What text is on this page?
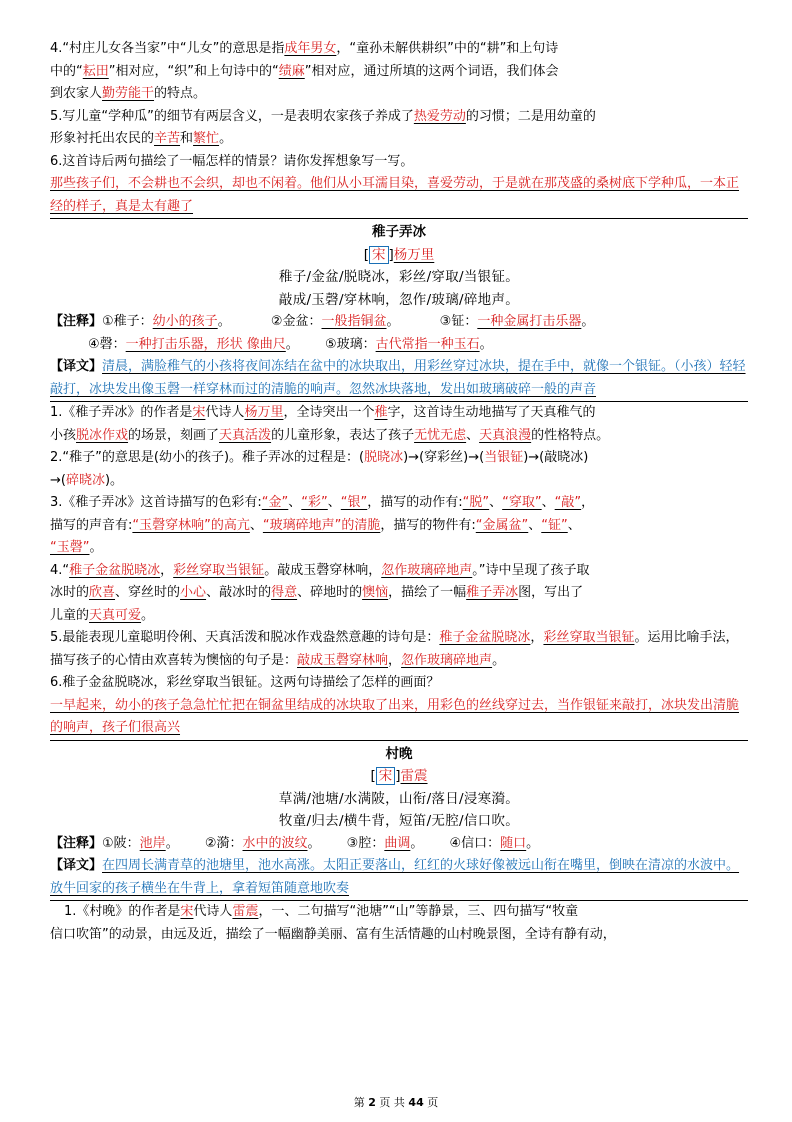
4.“村庄儿女各当家”中“儿女”的意思是指成年男女，“童孙未解供耕织”中的“耕”和上句诗
中的“耘田”相对应，“织”和上句诗中的“绩麻”相对应，通过所填的这两个词语，我们体会
到农家人勤劳能干的特点。

5.写儿童“学种瓜”的细节有两层含义，一是表明农家孩子养成了热爱劳动的习惯；二是用幼童的
形象衬托出农民的辛苦和繁忙。

6.这首诗后两句描绘了一幅怎样的情景？请你发挥想象写一写。

那些孩子们，不会耕也不会织，却也不闲着。他们从小耳濡目染，喜爱劳动，于是就在那茂盛的桑树底下学种瓜，一本正经的样子，真是太有趣了

稚子弄冰

[ 宋 ]杨万里

稚子/金盆/脱晓冰，彩丝/穿取/当银钲。

敲成/玉磬/穿林响，忽作/玻璃/碎地声。

【注释】①稚子：幼小的孩子。	②金盆：一般指铜盆。	③钲：一种金属打击乐器。

④磬：一种打击乐器，形状 像曲尺。 ⑤玻璃：古代常指一种玉石。

【译文】清晨，满脸稚气的小孩将夜间冻结在盆中的冰块取出，用彩丝穿过冰块，提在手中，就像一个银钲。（小孩）轻轻敲打，冰块发出像玉磬一样穿林而过的清脆的响声。忽然冰块落地，发出如玻璃破碎一般的声音

1.《稚子弄冰》的作者是宋代诗人杨万里，全诗突出一个稚字，这首诗生动地描写了天真稚气的
小孩脱冰作戏的场景，刻画了天真活泼的儿童形象，表达了孩子无忧无虑、天真浪漫的性格特点。

2.“稚子”的意思是(幼小的孩子)。稚子弄冰的过程是：(脱晓冰)→(穿彩丝)→(当银钲)→(敲晓冰)
→(碎晓冰)。

3.《稚子弄冰》这首诗描写的色彩有:“金”、“彩”、“银”，描写的动作有:“脱”、“穿取”、“敲”，
描写的声音有:“玉磬穿林响”的高亢、“玻璃碎地声”的清脆，描写的物件有:“金属盆”、“钲”、
“玉磬”。

4.“稚子金盆脱晓冰，彩丝穿取当银钲。敲成玉磬穿林响，忽作玻璃碎地声。”诗中呈现了孩子取
冰时的欣喜、穿丝时的小心、敲冰时的得意、碎地时的懊恼，描绘了一幅稚子弄冰图，写出了
儿童的天真可爱。

5.最能表现儿童聪明伶俐、天真活泼和脱冰作戏盎然意趣的诗句是：稚子金盆脱晓冰，彩丝穿取当银钲。运用比喻手法，描写孩子的心情由欢喜转为懊恼的句子是：敲成玉磬穿林响，忽作玻璃碎地声。

6.稚子金盆脱晓冰，彩丝穿取当银钲。这两句诗描绘了怎样的画面？

一早起来，幼小的孩子急急忙忙把在铜盆里结成的冰块取了出来，用彩色的丝线穿过去，当作银钲来敲打，冰块发出清脆的响声，孩子们很高兴

村晚

[ 宋 ]雷震

草满/池塘/水满陂，山衔/落日/浸寒漪。

牧童/归去/横牛背，短笛/无腔/信口吹。

【注释】①陂：池岸。 ②漪：水中的波纹。 ③腔：曲调。 ④信口：随口。

【译文】在四周长满青草的池塘里，池水高涨。太阳正要落山，红红的火球好像被远山衔在嘴里，倒映在清凉的水波中。放牛回家的孩子横坐在牛背上，拿着短笛随意地吹奏

1.《村晚》的作者是宋代诗人雷震，一、二句描写“池塘”“山”等静景，三、四句描写“牧童
信口吹笛”的动景，由远及近，描绘了一幅幽静美丽、富有生活情趣的山村晚景图，全诗有静有动，

第 2 页 共 44 页
